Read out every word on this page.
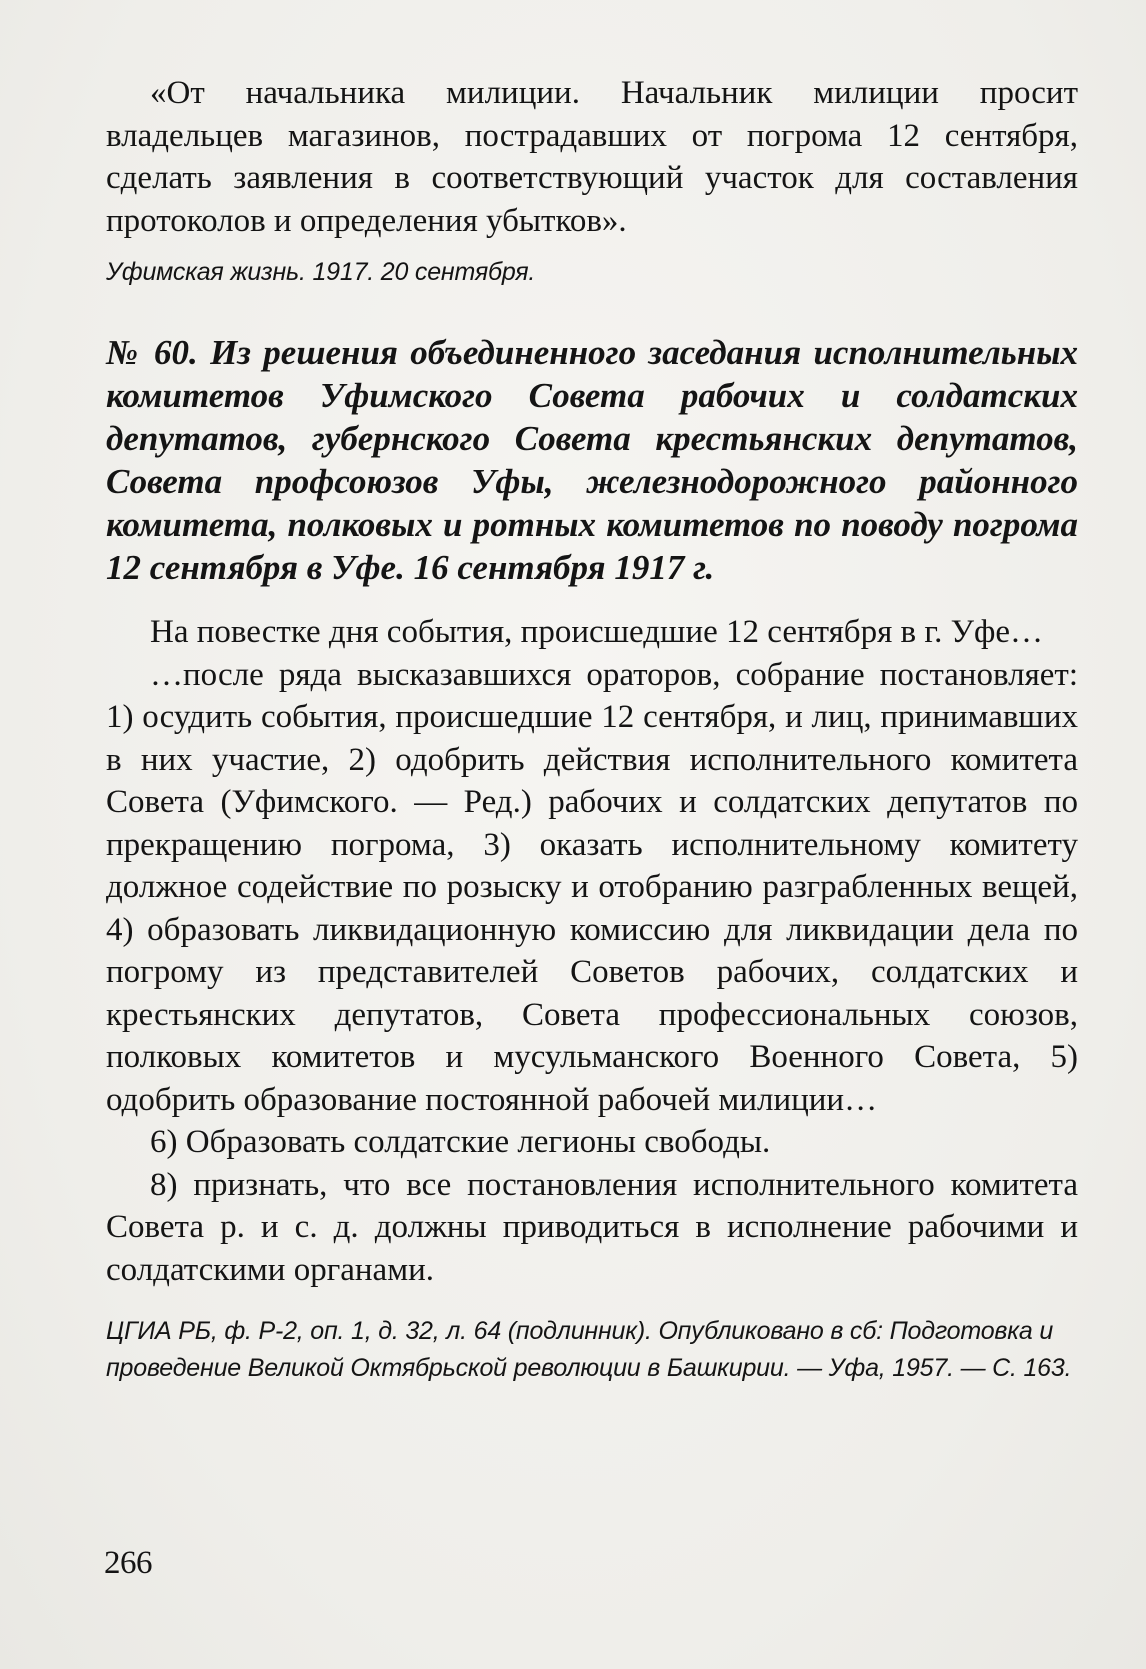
«От начальника милиции. Начальник милиции просит владельцев магазинов, пострадавших от погрома 12 сентября, сделать заявления в соответствующий участок для составления протоколов и определения убытков».

Уфимская жизнь. 1917. 20 сентября.

№ 60. Из решения объединенного заседания исполнительных комитетов Уфимского Совета рабочих и солдатских депутатов, губернского Совета крестьянских депутатов, Совета профсоюзов Уфы, железнодорожного районного комитета, полковых и ротных комитетов по поводу погрома 12 сентября в Уфе. 16 сентября 1917 г.

На повестке дня события, происшедшие 12 сентября в г. Уфе…

…после ряда высказавшихся ораторов, собрание постановляет: 1) осудить события, происшедшие 12 сентября, и лиц, принимавших в них участие, 2) одобрить действия исполнительного комитета Совета (Уфимского. — Ред.) рабочих и солдатских депутатов по прекращению погрома, 3) оказать исполнительному комитету должное содействие по розыску и отобранию разграбленных вещей, 4) образовать ликвидационную комиссию для ликвидации дела по погрому из представителей Советов рабочих, солдатских и крестьянских депутатов, Совета профессиональных союзов, полковых комитетов и мусульманского Военного Совета, 5) одобрить образование постоянной рабочей милиции…

6) Образовать солдатские легионы свободы.

8) признать, что все постановления исполнительного комитета Совета р. и с. д. должны приводиться в исполнение рабочими и солдатскими органами.

ЦГИА РБ, ф. Р-2, оп. 1, д. 32, л. 64 (подлинник). Опубликовано в сб: Подготовка и проведение Великой Октябрьской революции в Башкирии. — Уфа, 1957. — С. 163.

266
